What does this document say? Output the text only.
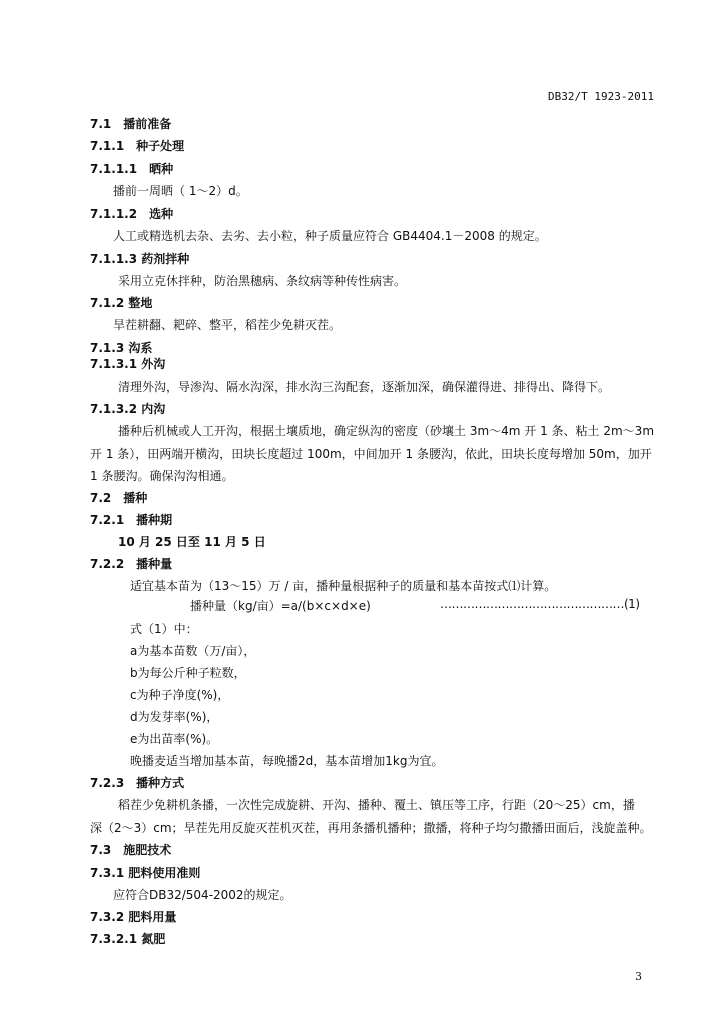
DB32/T 1923-2011
7.1　播前准备
7.1.1　种子处理
7.1.1.1　晒种
播前一周晒（ 1～2）d。
7.1.1.2　选种
人工或精选机去杂、去劣、去小粒，种子质量应符合 GB4404.1－2008 的规定。
7.1.1.3 药剂拌种
采用立克休拌种，防治黑穗病、条纹病等种传性病害。
7.1.2 整地
旱茬耕翻、耙碎、整平，稻茬少免耕灭茬。
7.1.3 沟系
7.1.3.1 外沟
清理外沟，导渗沟、隔水沟深，排水沟三沟配套，逐渐加深，确保灌得进、排得出、降得下。
7.1.3.2 内沟
播种后机械或人工开沟，根据土壤质地，确定纵沟的密度（砂壤土 3m～4m 开 1 条、粘土 2m～3m
开 1 条），田两端开横沟，田块长度超过 100m，中间加开 1 条腰沟，依此，田块长度每增加 50m，加开
1 条腰沟。确保沟沟相通。
7.2　播种
7.2.1　播种期
10 月 25 日至 11 月 5 日
7.2.2　播种量
适宜基本苗为（13～15）万 / 亩，播种量根据种子的质量和基本苗按式⑴计算。
播种量（kg/亩）=a/(b×c×d×e)	…………………………………………(1)
式（1）中：
a为基本苗数（万/亩），
b为每公斤种子粒数，
c为种子净度(%)，
d为发芽率(%)，
e为出苗率(%)。
晚播麦适当增加基本苗，每晚播2d，基本苗增加1kg为宜。
7.2.3　播种方式
稻茬少免耕机条播，一次性完成旋耕、开沟、播种、覆土、镇压等工序，行距（20～25）cm，播
深（2～3）cm；旱茬先用反旋灭茬机灭茬，再用条播机播种；撒播，将种子均匀撒播田面后，浅旋盖种。
7.3　施肥技术
7.3.1 肥料使用准则
应符合DB32/504-2002的规定。
7.3.2 肥料用量
7.3.2.1 氮肥
3
